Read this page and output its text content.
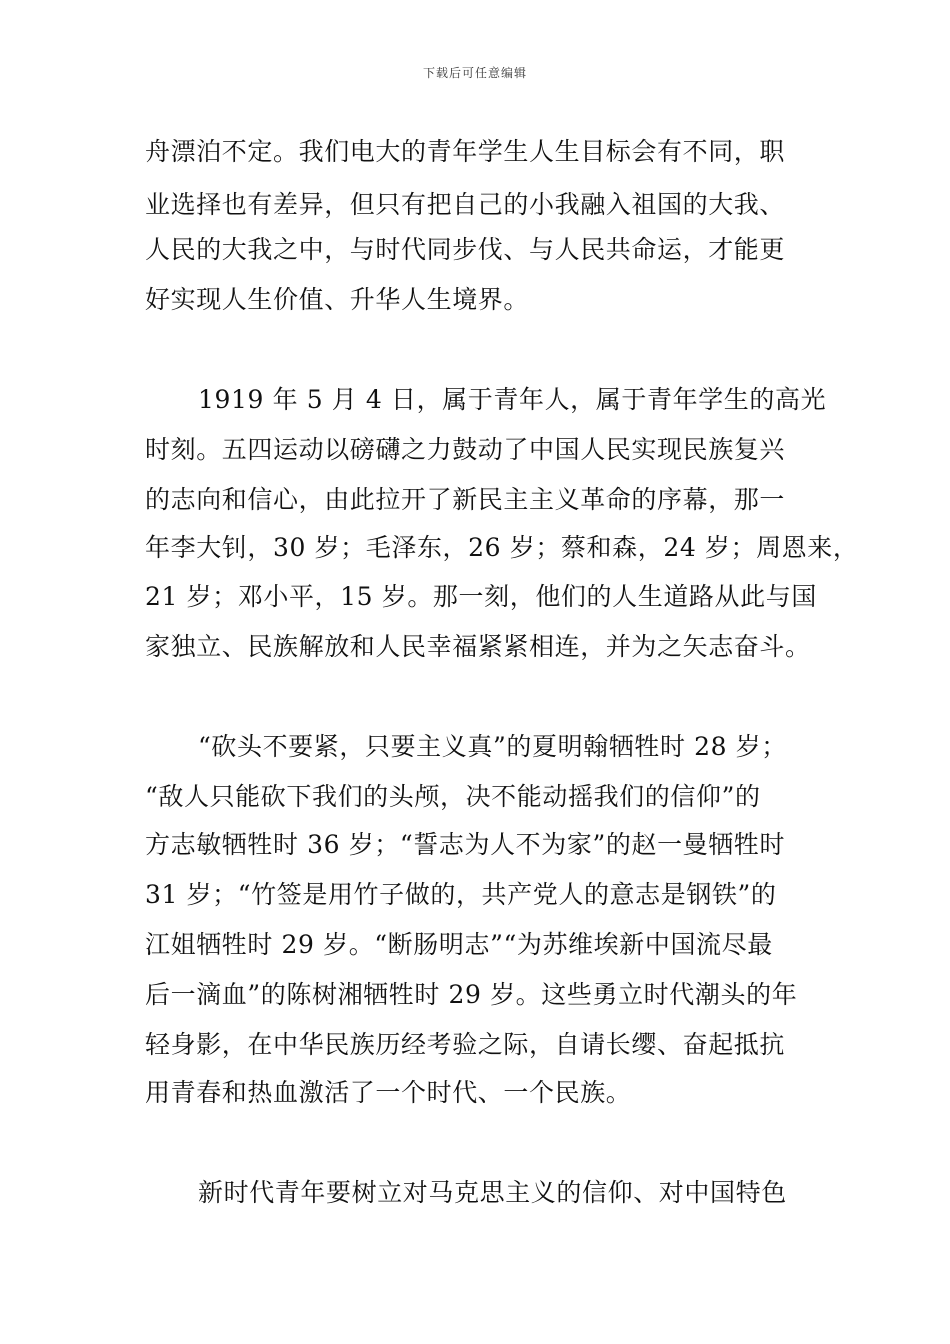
下载后可任意编辑
舟漂泊不定。我们电大的青年学生人生目标会有不同，职
业选择也有差异，但只有把自己的小我融入祖国的大我、
人民的大我之中，与时代同步伐、与人民共命运，才能更
好实现人生价值、升华人生境界。
1919 年 5 月 4 日，属于青年人，属于青年学生的高光
时刻。五四运动以磅礴之力鼓动了中国人民实现民族复兴
的志向和信心，由此拉开了新民主主义革命的序幕，那一
年李大钊，30 岁；毛泽东，26 岁；蔡和森，24 岁；周恩来，
21 岁；邓小平，15 岁。那一刻，他们的人生道路从此与国
家独立、民族解放和人民幸福紧紧相连，并为之矢志奋斗。
“砍头不要紧，只要主义真”的夏明翰牺牲时 28 岁；
“敌人只能砍下我们的头颅，决不能动摇我们的信仰”的
方志敏牺牲时 36 岁；“誓志为人不为家”的赵一曼牺牲时
31 岁；“竹签是用竹子做的，共产党人的意志是钢铁”的
江姐牺牲时 29 岁。“断肠明志”“为苏维埃新中国流尽最
后一滴血”的陈树湘牺牲时 29 岁。这些勇立时代潮头的年
轻身影，在中华民族历经考验之际，自请长缨、奋起抵抗
用青春和热血激活了一个时代、一个民族。
新时代青年要树立对马克思主义的信仰、对中国特色
